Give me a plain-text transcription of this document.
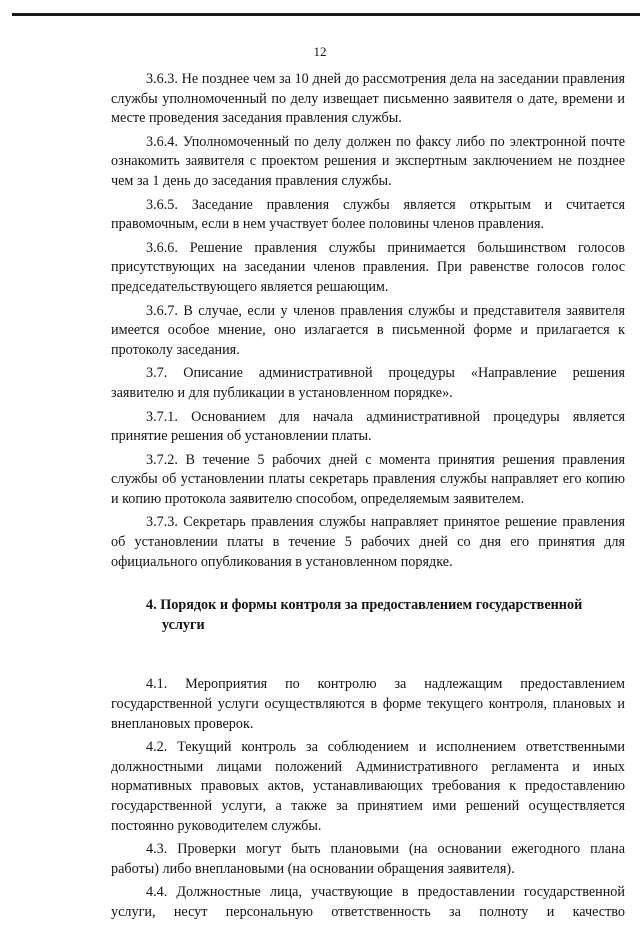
12

3.6.3. Не позднее чем за 10 дней до рассмотрения дела на заседании правления службы уполномоченный по делу извещает письменно заявителя о дате, времени и месте проведения заседания правления службы.

3.6.4. Уполномоченный по делу должен по факсу либо по электронной почте ознакомить заявителя с проектом решения и экспертным заключением не позднее чем за 1 день до заседания правления службы.

3.6.5. Заседание правления службы является открытым и считается правомочным, если в нем участвует более половины членов правления.

3.6.6. Решение правления службы принимается большинством голосов присутствующих на заседании членов правления. При равенстве голосов голос председательствующего является решающим.

3.6.7. В случае, если у членов правления службы и представителя заявителя имеется особое мнение, оно излагается в письменной форме и прилагается к протоколу заседания.

3.7. Описание административной процедуры «Направление решения заявителю и для публикации в установленном порядке».

3.7.1. Основанием для начала административной процедуры является принятие решения об установлении платы.

3.7.2. В течение 5 рабочих дней с момента принятия решения правления службы об установлении платы секретарь правления службы направляет его копию и копию протокола заявителю способом, определяемым заявителем.

3.7.3. Секретарь правления службы направляет принятое решение правления об установлении платы в течение 5 рабочих дней со дня его принятия для официального опубликования в установленном порядке.

4. Порядок и формы контроля за предоставлением государственной
услуги

4.1. Мероприятия по контролю за надлежащим предоставлением государственной услуги осуществляются в форме текущего контроля, плановых и внеплановых проверок.

4.2. Текущий контроль за соблюдением и исполнением ответственными должностными лицами положений Административного регламента и иных нормативных правовых актов, устанавливающих требования к предоставлению государственной услуги, а также за принятием ими решений осуществляется постоянно руководителем службы.

4.3. Проверки могут быть плановыми (на основании ежегодного плана работы) либо внеплановыми (на основании обращения заявителя).

4.4. Должностные лица, участвующие в предоставлении государственной услуги, несут персональную ответственность за полноту и качество
